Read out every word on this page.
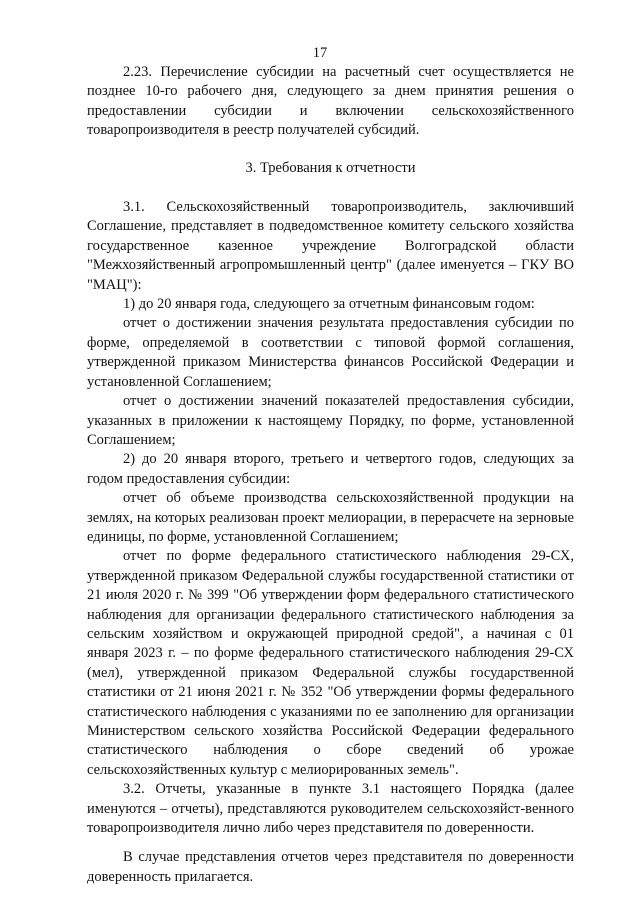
17

2.23. Перечисление субсидии на расчетный счет осуществляется не позднее 10-го рабочего дня, следующего за днем принятия решения о предоставлении субсидии и включении сельскохозяйственного товаропроизводителя в реестр получателей субсидий.

3. Требования к отчетности

3.1. Сельскохозяйственный товаропроизводитель, заключивший Соглашение, представляет в подведомственное комитету сельского хозяйства государственное казенное учреждение Волгоградской области "Межхозяйственный агропромышленный центр" (далее именуется – ГКУ ВО "МАЦ"):

1) до 20 января года, следующего за отчетным финансовым годом:

отчет о достижении значения результата предоставления субсидии по форме, определяемой в соответствии с типовой формой соглашения, утвержденной приказом Министерства финансов Российской Федерации и установленной Соглашением;

отчет о достижении значений показателей предоставления субсидии, указанных в приложении к настоящему Порядку, по форме, установленной Соглашением;

2) до 20 января второго, третьего и четвертого годов, следующих за годом предоставления субсидии:

отчет об объеме производства сельскохозяйственной продукции на землях, на которых реализован проект мелиорации, в перерасчете на зерновые единицы, по форме, установленной Соглашением;

отчет по форме федерального статистического наблюдения 29-СХ, утвержденной приказом Федеральной службы государственной статистики от 21 июля 2020 г. № 399 "Об утверждении форм федерального статистического наблюдения для организации федерального статистического наблюдения за сельским хозяйством и окружающей природной средой", а начиная с 01 января 2023 г. – по форме федерального статистического наблюдения 29-СХ (мел), утвержденной приказом Федеральной службы государственной статистики от 21 июня 2021 г. № 352 "Об утверждении формы федерального статистического наблюдения с указаниями по ее заполнению для организации Министерством сельского хозяйства Российской Федерации федерального статистического наблюдения о сборе сведений об урожае сельскохозяйственных культур с мелиорированных земель".

3.2. Отчеты, указанные в пункте 3.1 настоящего Порядка (далее именуются – отчеты), представляются руководителем сельскохозяйст-венного товаропроизводителя лично либо через представителя по доверенности.

В случае представления отчетов через представителя по доверенности доверенность прилагается.
